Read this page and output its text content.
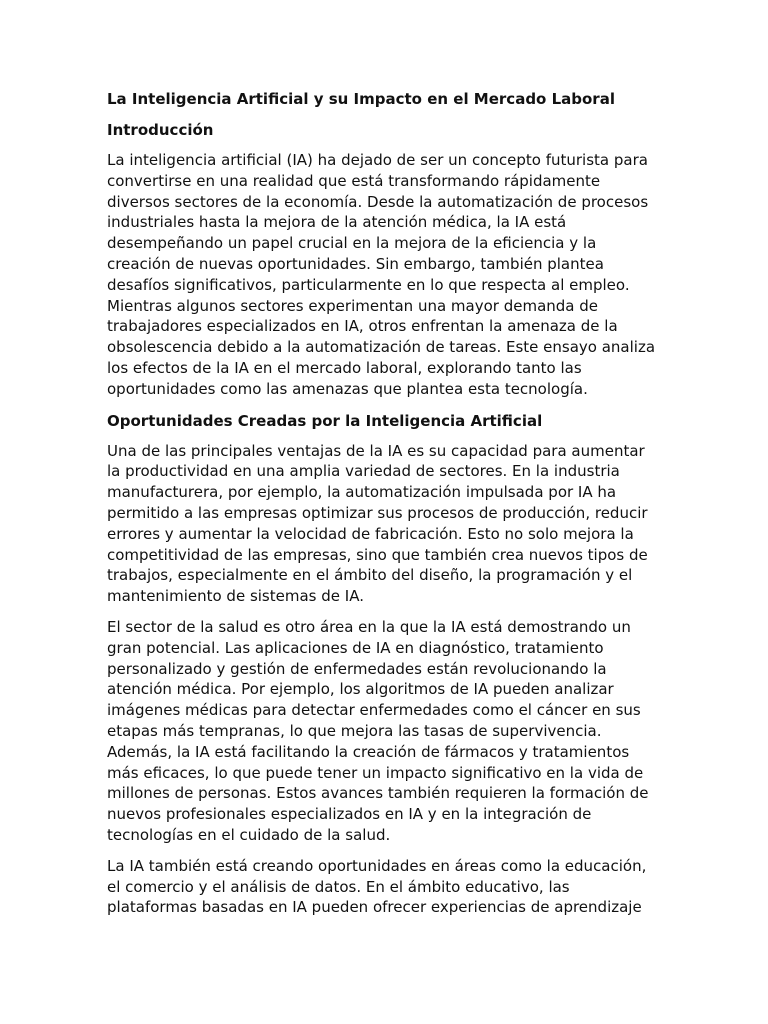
La Inteligencia Artificial y su Impacto en el Mercado Laboral
Introducción
La inteligencia artificial (IA) ha dejado de ser un concepto futurista para
convertirse en una realidad que está transformando rápidamente
diversos sectores de la economía. Desde la automatización de procesos
industriales hasta la mejora de la atención médica, la IA está
desempeñando un papel crucial en la mejora de la eficiencia y la
creación de nuevas oportunidades. Sin embargo, también plantea
desafíos significativos, particularmente en lo que respecta al empleo.
Mientras algunos sectores experimentan una mayor demanda de
trabajadores especializados en IA, otros enfrentan la amenaza de la
obsolescencia debido a la automatización de tareas. Este ensayo analiza
los efectos de la IA en el mercado laboral, explorando tanto las
oportunidades como las amenazas que plantea esta tecnología.
Oportunidades Creadas por la Inteligencia Artificial
Una de las principales ventajas de la IA es su capacidad para aumentar
la productividad en una amplia variedad de sectores. En la industria
manufacturera, por ejemplo, la automatización impulsada por IA ha
permitido a las empresas optimizar sus procesos de producción, reducir
errores y aumentar la velocidad de fabricación. Esto no solo mejora la
competitividad de las empresas, sino que también crea nuevos tipos de
trabajos, especialmente en el ámbito del diseño, la programación y el
mantenimiento de sistemas de IA.
El sector de la salud es otro área en la que la IA está demostrando un
gran potencial. Las aplicaciones de IA en diagnóstico, tratamiento
personalizado y gestión de enfermedades están revolucionando la
atención médica. Por ejemplo, los algoritmos de IA pueden analizar
imágenes médicas para detectar enfermedades como el cáncer en sus
etapas más tempranas, lo que mejora las tasas de supervivencia.
Además, la IA está facilitando la creación de fármacos y tratamientos
más eficaces, lo que puede tener un impacto significativo en la vida de
millones de personas. Estos avances también requieren la formación de
nuevos profesionales especializados en IA y en la integración de
tecnologías en el cuidado de la salud.
La IA también está creando oportunidades en áreas como la educación,
el comercio y el análisis de datos. En el ámbito educativo, las
plataformas basadas en IA pueden ofrecer experiencias de aprendizaje
